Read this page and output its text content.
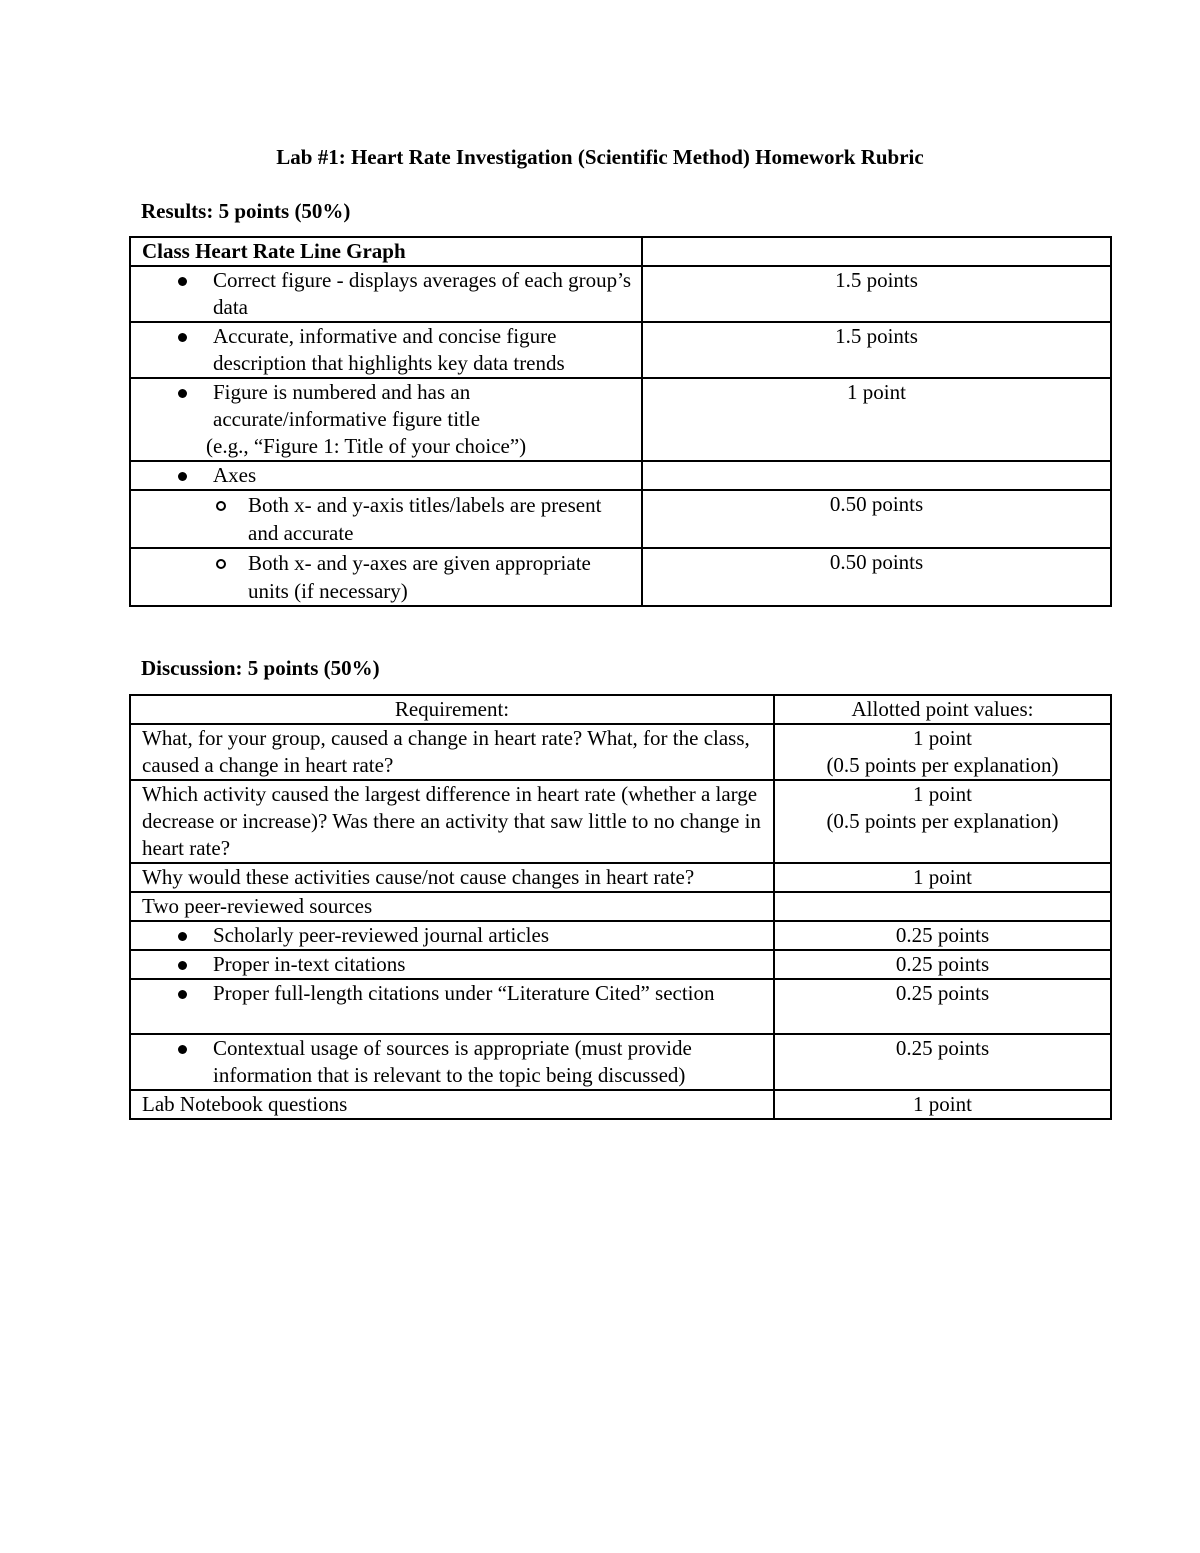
Lab #1: Heart Rate Investigation (Scientific Method) Homework Rubric
Results: 5 points (50%)
Class Heart Rate Line Graph	

Correct figure - displays averages of each group’s data	1.5 points

Accurate, informative and concise figure description that highlights key data trends	1.5 points

Figure is numbered and has an
accurate/informative figure title
(e.g., “Figure 1: Title of your choice”)	1 point

Axes	

Both x- and y-axis titles/labels are present and accurate	0.50 points

Both x- and y-axes are given appropriate units (if necessary)	0.50 points
Discussion: 5 points (50%)
Requirement:	Allotted point values:
What, for your group, caused a change in heart rate? What, for the class, caused a change in heart rate?	1 point
(0.5 points per explanation)

Which activity caused the largest difference in heart rate (whether a large decrease or increase)? Was there an activity that saw little to no change in heart rate?	1 point
(0.5 points per explanation)

Why would these activities cause/not cause changes in heart rate?	1 point
Two peer-reviewed sources	

Scholarly peer-reviewed journal articles	0.25 points

Proper in-text citations	0.25 points

Proper full-length citations under “Literature Cited” section	0.25 points

Contextual usage of sources is appropriate (must provide information that is relevant to the topic being discussed)	0.25 points
Lab Notebook questions	1 point
